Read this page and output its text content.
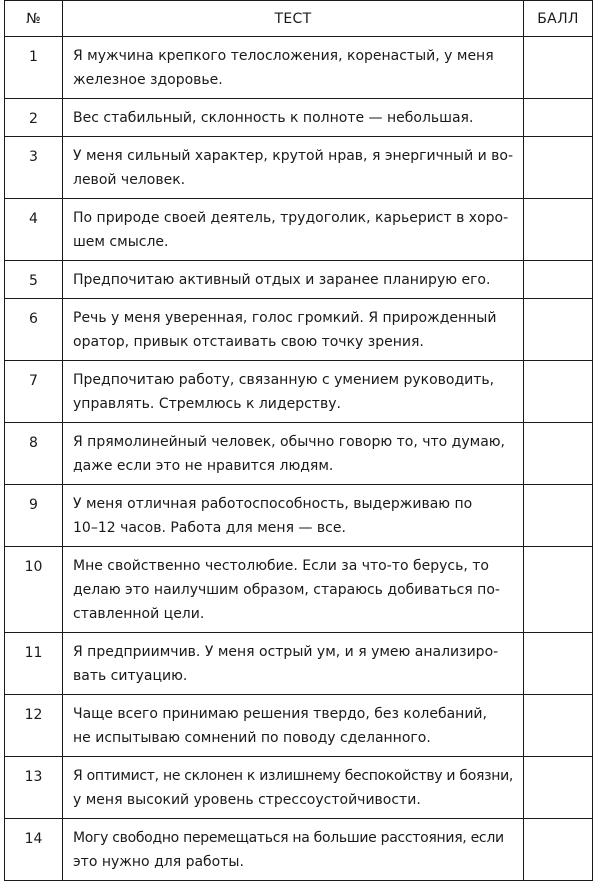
№	ТЕСТ	БАЛЛ
1	Я мужчина крепкого телосложения, коренастый, у меня
железное здоровье.	

2	Вес стабильный, склонность к полноте — небольшая.	

3	У меня сильный характер, крутой нрав, я энергичный и во-
левой человек.	

4	По природе своей деятель, трудоголик, карьерист в хоро-
шем смысле.	

5	Предпочитаю активный отдых и заранее планирую его.	

6	Речь у меня уверенная, голос громкий. Я прирожденный
оратор, привык отстаивать свою точку зрения.	

7	Предпочитаю работу, связанную с умением руководить,
управлять. Стремлюсь к лидерству.	

8	Я прямолинейный человек, обычно говорю то, что думаю,
даже если это не нравится людям.	

9	У меня отличная работоспособность, выдерживаю по
10–12 часов. Работа для меня — все.	

10	Мне свойственно честолюбие. Если за что-то берусь, то
делаю это наилучшим образом, стараюсь добиваться по-
ставленной цели.	

11	Я предприимчив. У меня острый ум, и я умею анализиро-
вать ситуацию.	

12	Чаще всего принимаю решения твердо, без колебаний,
не испытываю сомнений по поводу сделанного.	

13	Я оптимист, не склонен к излишнему беспокойству и боязни,
у меня высокий уровень стрессоустойчивости.	

14	Могу свободно перемещаться на большие расстояния, если
это нужно для работы.	
